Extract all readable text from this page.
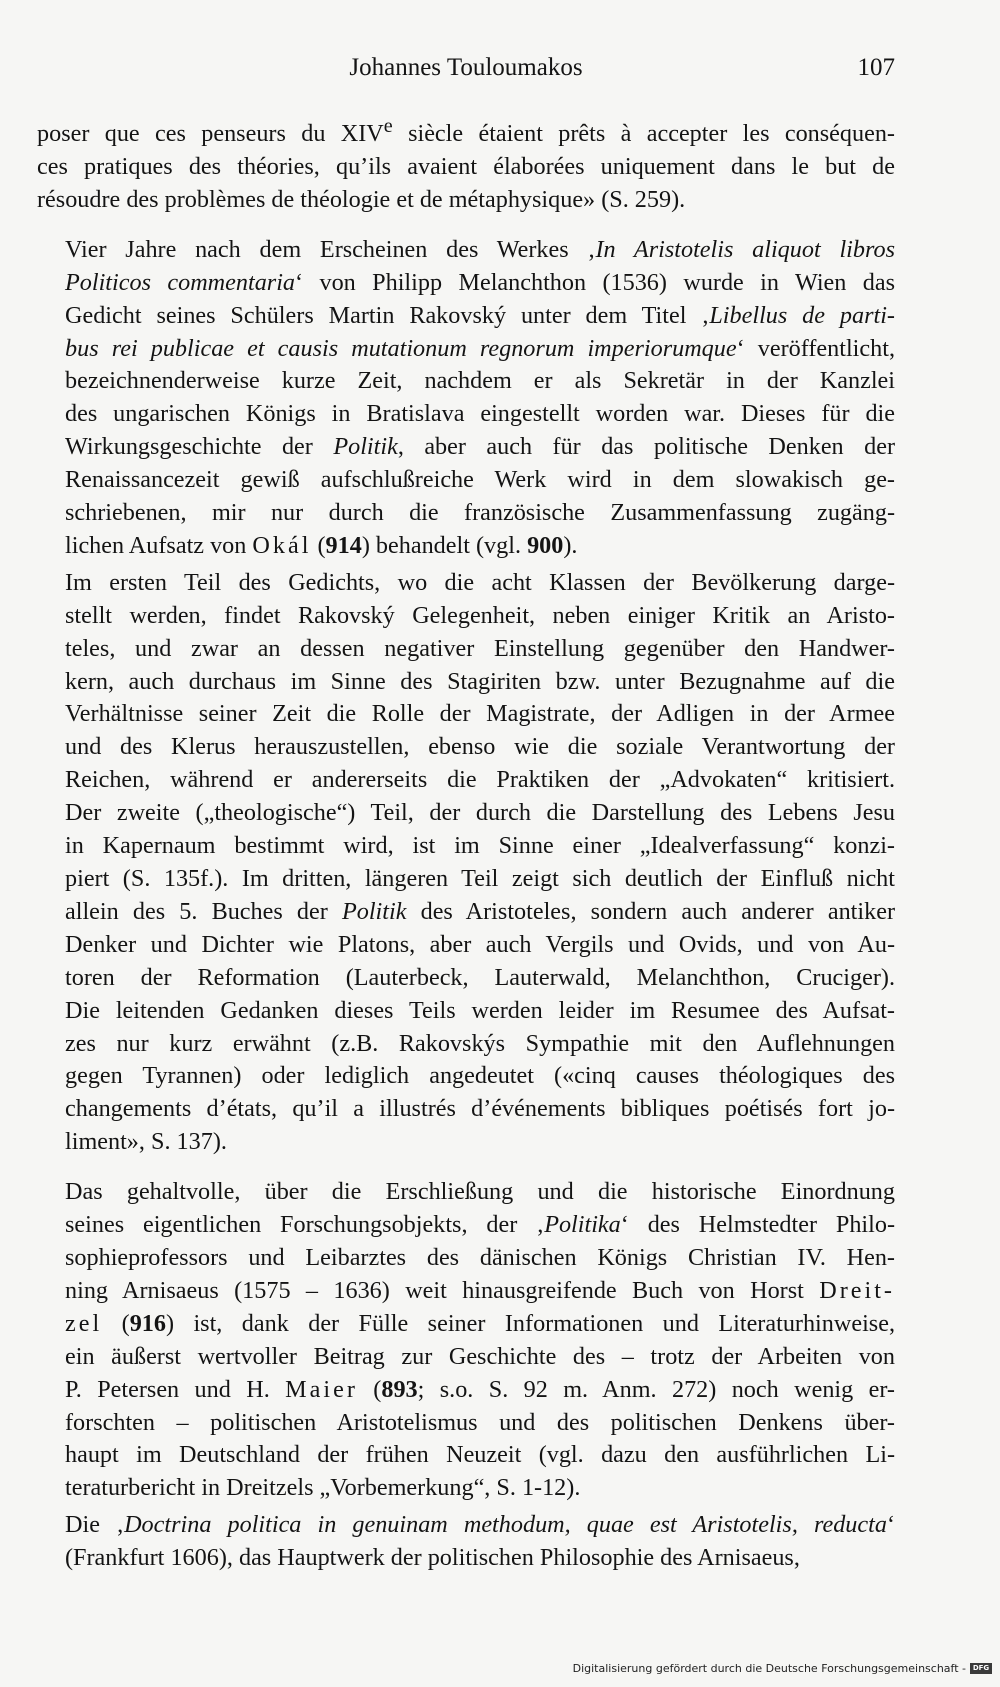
Johannes Touloumakos	107

poser que ces penseurs du XIVe siècle étaient prêts à accepter les conséquen-
ces pratiques des théories, qu’ils avaient élaborées uniquement dans le but de
résoudre des problèmes de théologie et de métaphysique» (S. 259).

Vier Jahre nach dem Erscheinen des Werkes ‚In Aristotelis aliquot libros
Politicos commentaria‘ von Philipp Melanchthon (1536) wurde in Wien das
Gedicht seines Schülers Martin Rakovský unter dem Titel ‚Libellus de parti-
bus rei publicae et causis mutationum regnorum imperiorumque‘ veröffentlicht,
bezeichnenderweise kurze Zeit, nachdem er als Sekretär in der Kanzlei
des ungarischen Königs in Bratislava eingestellt worden war. Dieses für die
Wirkungsgeschichte der Politik, aber auch für das politische Denken der
Renaissancezeit gewiß aufschlußreiche Werk wird in dem slowakisch ge-
schriebenen, mir nur durch die französische Zusammenfassung zugäng-
lichen Aufsatz von Okál (914) behandelt (vgl. 900).

Im ersten Teil des Gedichts, wo die acht Klassen der Bevölkerung darge-
stellt werden, findet Rakovský Gelegenheit, neben einiger Kritik an Aristo-
teles, und zwar an dessen negativer Einstellung gegenüber den Handwer-
kern, auch durchaus im Sinne des Stagiriten bzw. unter Bezugnahme auf die
Verhältnisse seiner Zeit die Rolle der Magistrate, der Adligen in der Armee
und des Klerus herauszustellen, ebenso wie die soziale Verantwortung der
Reichen, während er andererseits die Praktiken der „Advokaten“ kritisiert.
Der zweite („theologische“) Teil, der durch die Darstellung des Lebens Jesu
in Kapernaum bestimmt wird, ist im Sinne einer „Idealverfassung“ konzi-
piert (S. 135f.). Im dritten, längeren Teil zeigt sich deutlich der Einfluß nicht
allein des 5. Buches der Politik des Aristoteles, sondern auch anderer antiker
Denker und Dichter wie Platons, aber auch Vergils und Ovids, und von Au-
toren der Reformation (Lauterbeck, Lauterwald, Melanchthon, Cruciger).
Die leitenden Gedanken dieses Teils werden leider im Resumee des Aufsat-
zes nur kurz erwähnt (z.B. Rakovskýs Sympathie mit den Auflehnungen
gegen Tyrannen) oder lediglich angedeutet («cinq causes théologiques des
changements d’états, qu’il a illustrés d’événements bibliques poétisés fort jo-
liment», S. 137).

Das gehaltvolle, über die Erschließung und die historische Einordnung
seines eigentlichen Forschungsobjekts, der ‚Politika‘ des Helmstedter Philo-
sophieprofessors und Leibarztes des dänischen Königs Christian IV. Hen-
ning Arnisaeus (1575 – 1636) weit hinausgreifende Buch von Horst Dreit-
zel (916) ist, dank der Fülle seiner Informationen und Literaturhinweise,
ein äußerst wertvoller Beitrag zur Geschichte des – trotz der Arbeiten von
P. Petersen und H. Maier (893; s.o. S. 92 m. Anm. 272) noch wenig er-
forschten – politischen Aristotelismus und des politischen Denkens über-
haupt im Deutschland der frühen Neuzeit (vgl. dazu den ausführlichen Li-
teraturbericht in Dreitzels „Vorbemerkung“, S. 1-12).

Die ‚Doctrina politica in genuinam methodum, quae est Aristotelis, reducta‘
(Frankfurt 1606), das Hauptwerk der politischen Philosophie des Arnisaeus,

Digitalisierung gefördert durch die Deutsche Forschungsgemeinschaft - DFG
